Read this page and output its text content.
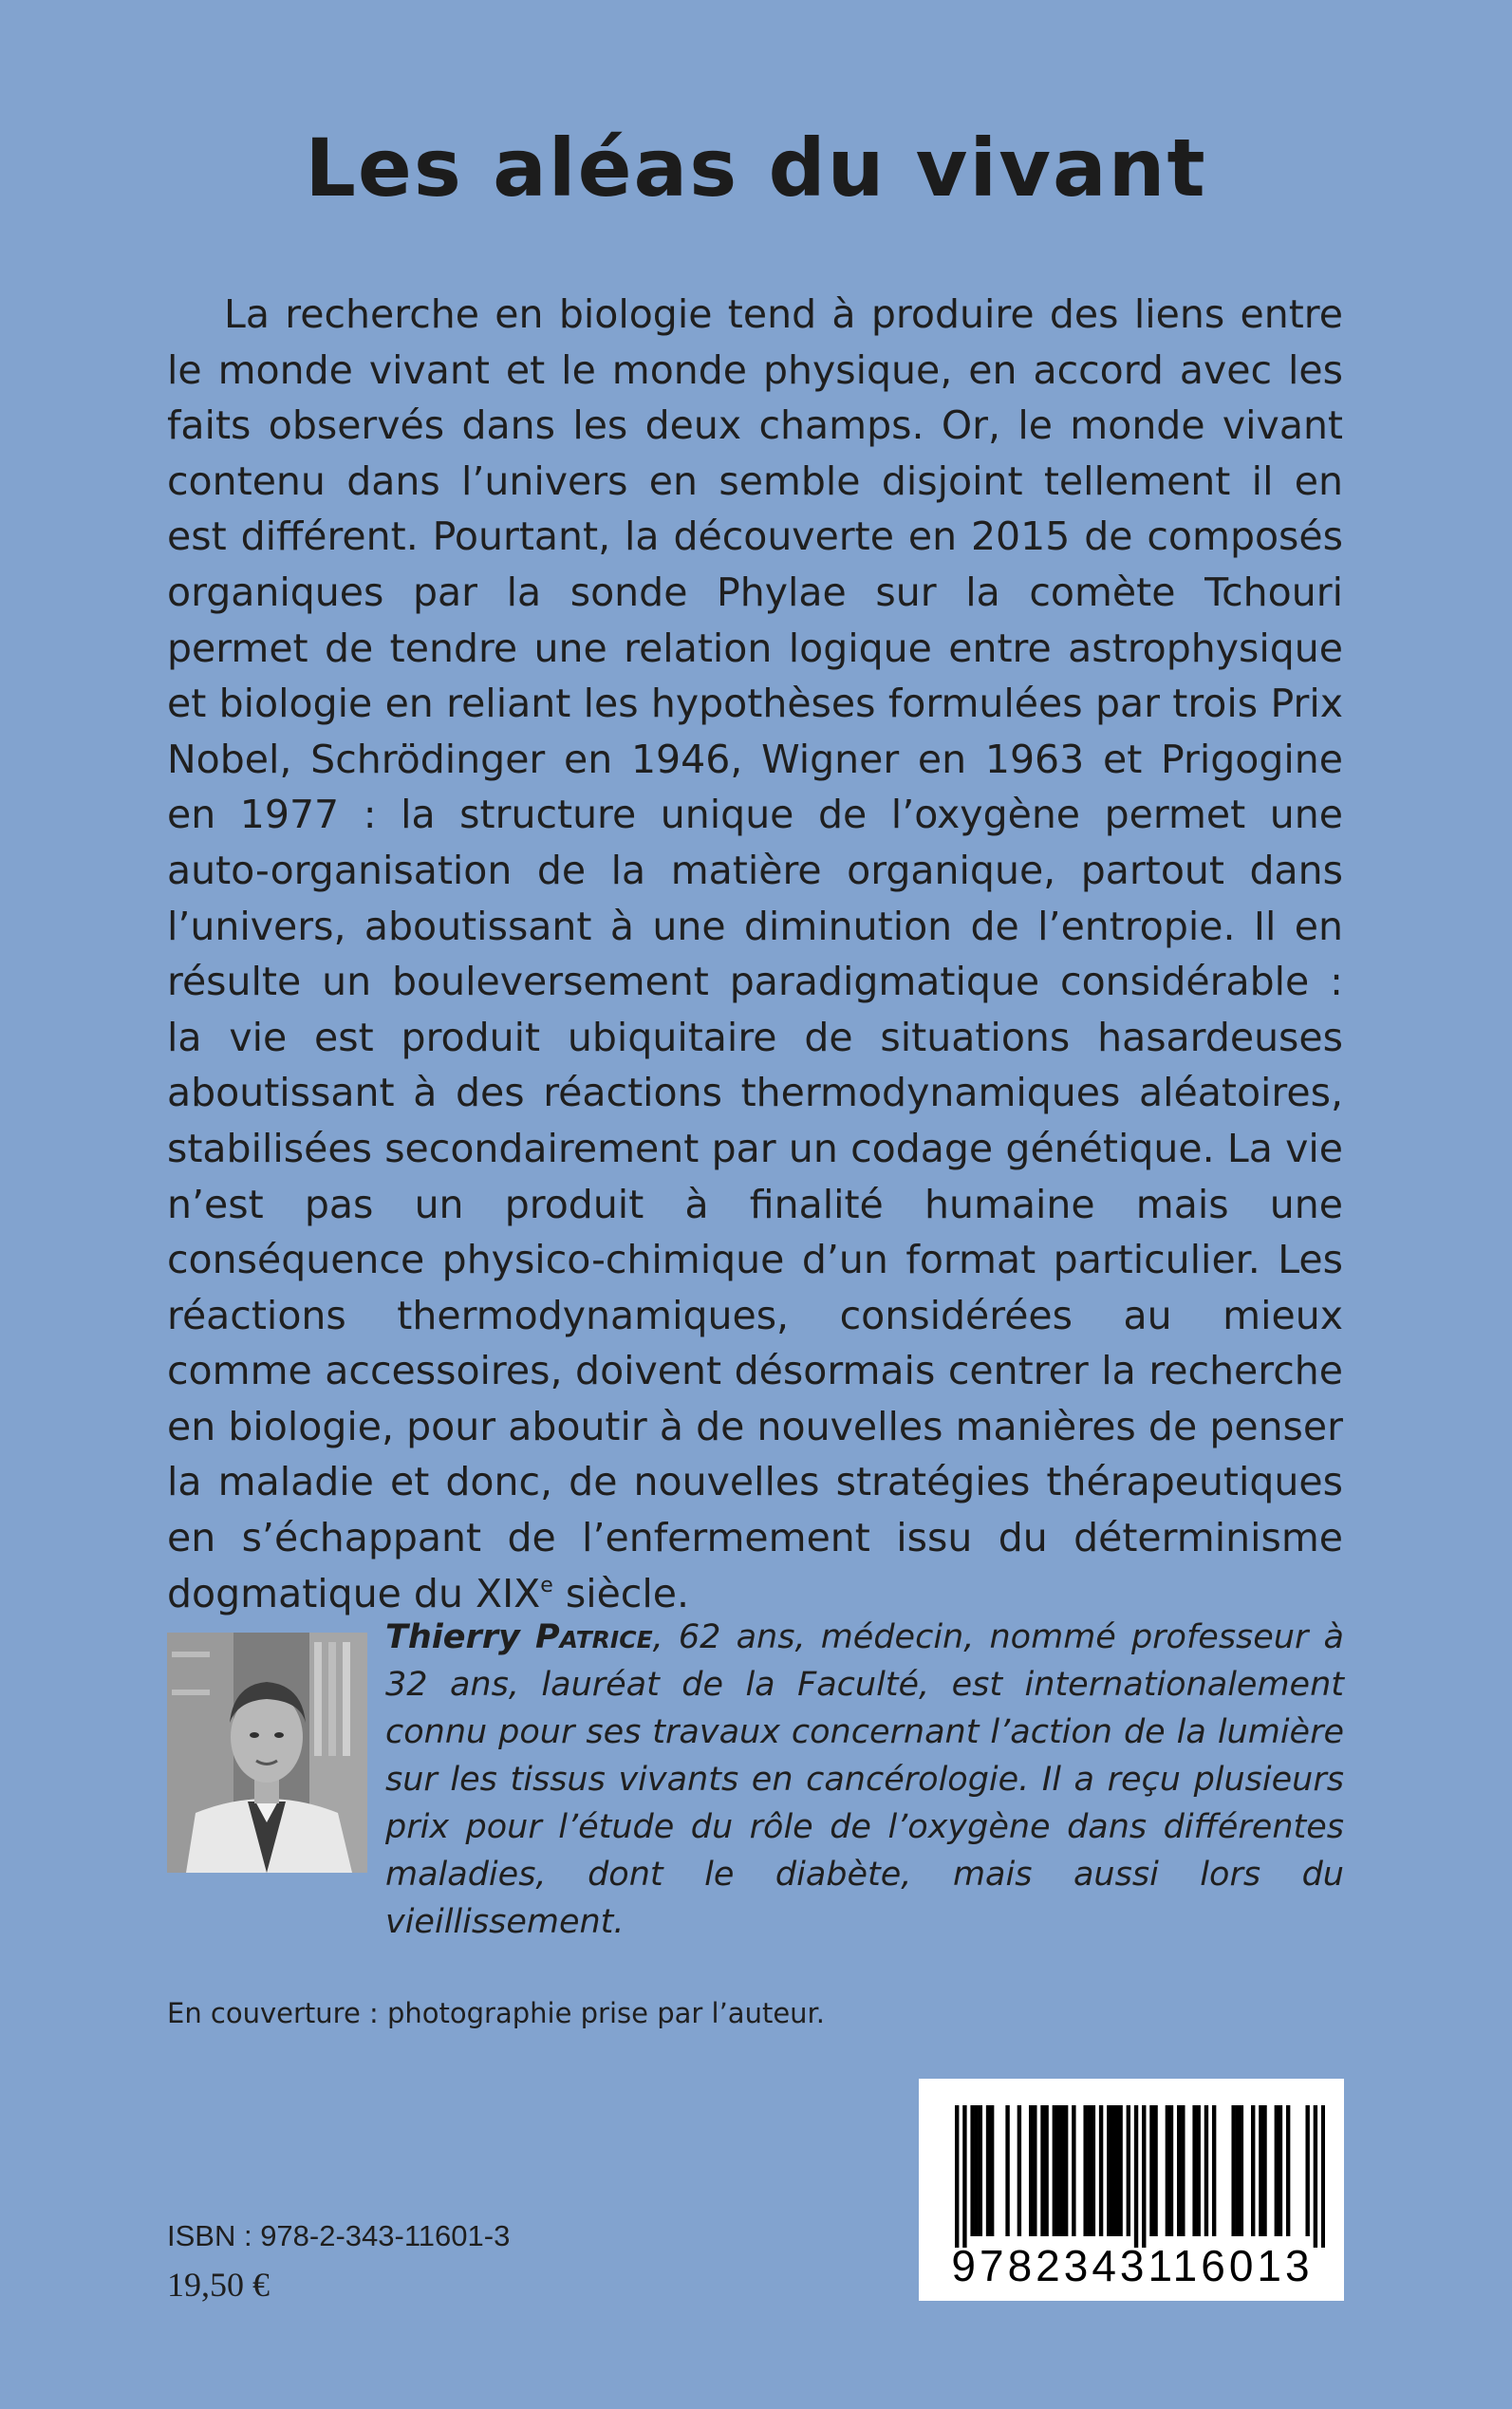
Les aléas du vivant

La recherche en biologie tend à produire des liens entre le monde vivant et le monde physique, en accord avec les faits observés dans les deux champs. Or, le monde vivant contenu dans l’univers en semble disjoint tellement il en est différent. Pourtant, la découverte en 2015 de composés organiques par la sonde Phylae sur la comète Tchouri permet de tendre une relation logique entre astrophysique et biologie en reliant les hypothèses formulées par trois Prix Nobel, Schrödinger en 1946, Wigner en 1963 et Prigogine en 1977 : la structure unique de l’oxygène permet une auto-organisation de la matière organique, partout dans l’univers, aboutissant à une diminution de l’entropie. Il en résulte un bouleversement paradigmatique considérable : la vie est produit ubiquitaire de situations hasardeuses aboutissant à des réactions thermodynamiques aléatoires, stabilisées secondairement par un codage génétique. La vie n’est pas un produit à finalité humaine mais une conséquence physico-chimique d’un format particulier. Les réactions thermodynamiques, considérées au mieux comme accessoires, doivent désormais centrer la recherche en biologie, pour aboutir à de nouvelles manières de penser la maladie et donc, de nouvelles stratégies thérapeutiques en s’échappant de l’enfermement issu du déterminisme dogmatique du XIXe siècle.

Thierry Patrice, 62 ans, médecin, nommé professeur à 32 ans, lauréat de la Faculté, est internationalement connu pour ses travaux concernant l’action de la lumière sur les tissus vivants en cancérologie. Il a reçu plusieurs prix pour l’étude du rôle de l’oxygène dans différentes maladies, dont le diabète, mais aussi lors du vieillissement.

En couverture : photographie prise par l’auteur.

ISBN : 978-2-343-11601-3

19,50 €	9782343116013
